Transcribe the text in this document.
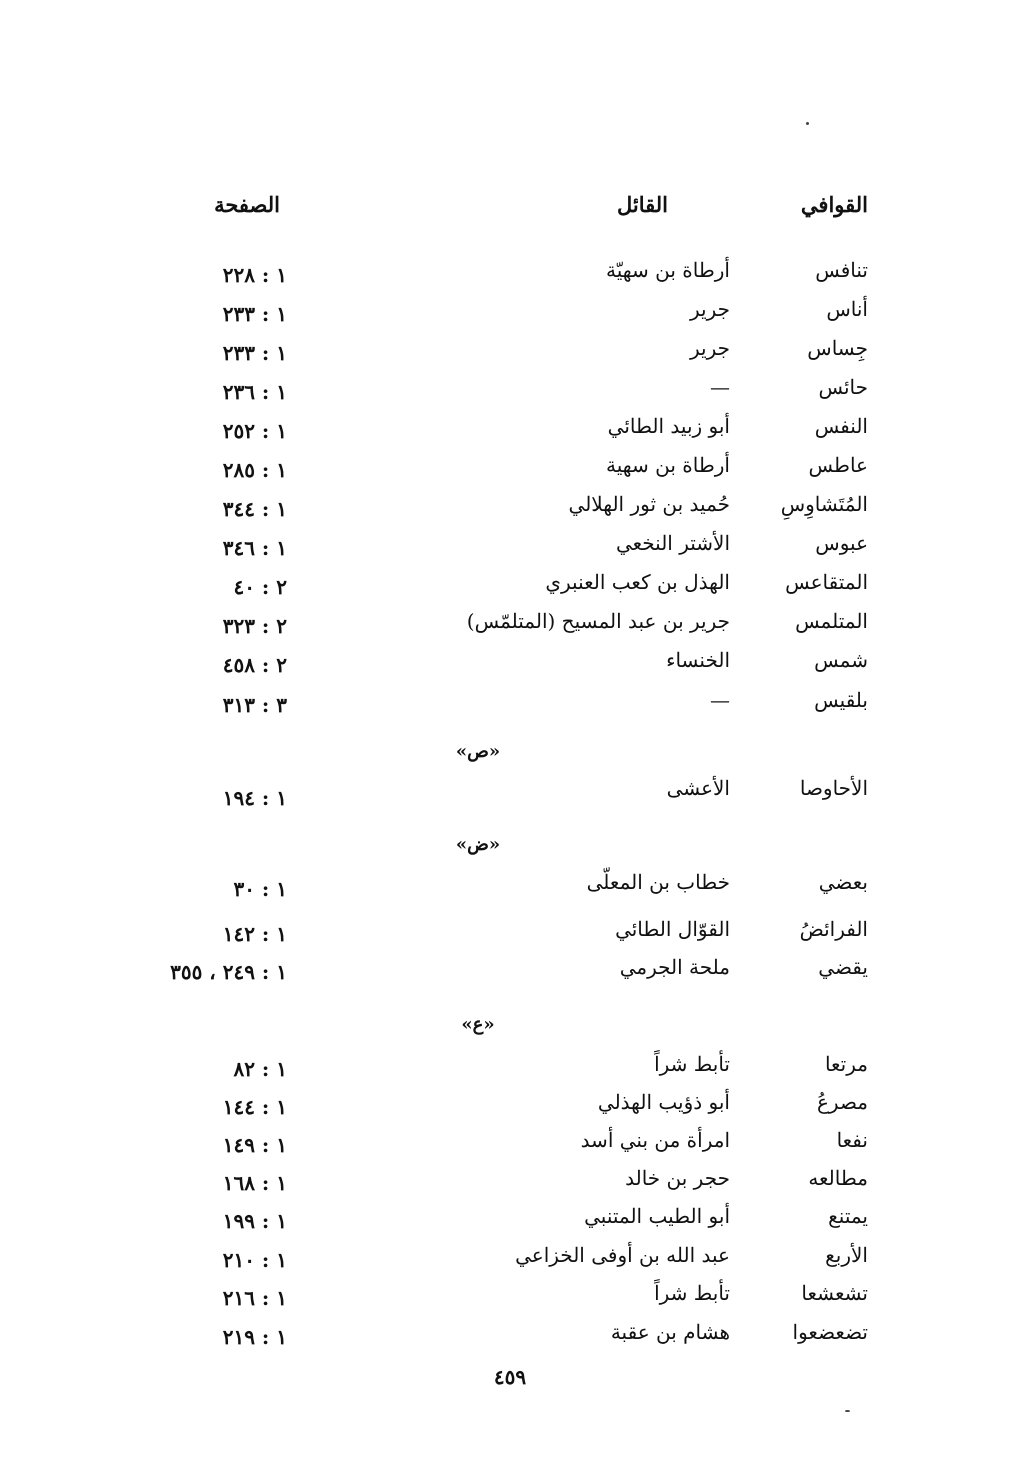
القوافي
القائل
الصفحة
تنافس
أرطاة بن سهيّة
١ : ٢٢٨
أناس
جرير
١ : ٢٣٣
جِساس
جرير
١ : ٢٣٣
حائس
—
١ : ٢٣٦
النفس
أبو زبيد الطائي
١ : ٢٥٢
عاطس
أرطاة بن سهية
١ : ٢٨٥
المُتَشاوِسِ
حُميد بن ثور الهلالي
١ : ٣٤٤
عبوس
الأشتر النخعي
١ : ٣٤٦
المتقاعس
الهذل بن كعب العنبري
٢ : ٤٠
المتلمس
جرير بن عبد المسيح (المتلمّس)
٢ : ٣٢٣
شمس
الخنساء
٢ : ٤٥٨
بلقيس
—
٣ : ٣١٣
«ص»
الأحاوصا
الأعشى
١ : ١٩٤
«ض»
بعضي
خطاب بن المعلّى
١ : ٣٠
الفرائضُ
القوّال الطائي
١ : ١٤٢
يقضي
ملحة الجرمي
١ : ٢٤٩ ، ٣٥٥
«ع»
مرتعا
تأبط شراً
١ : ٨٢
مصرعُ
أبو ذؤيب الهذلي
١ : ١٤٤
نفعا
امرأة من بني أسد
١ : ١٤٩
مطالعه
حجر بن خالد
١ : ١٦٨
يمتنع
أبو الطيب المتنبي
١ : ١٩٩
الأربع
عبد الله بن أوفى الخزاعي
١ : ٢١٠
تشعشعا
تأبط شراً
١ : ٢١٦
تضعضعوا
هشام بن عقبة
١ : ٢١٩
٤٥٩
